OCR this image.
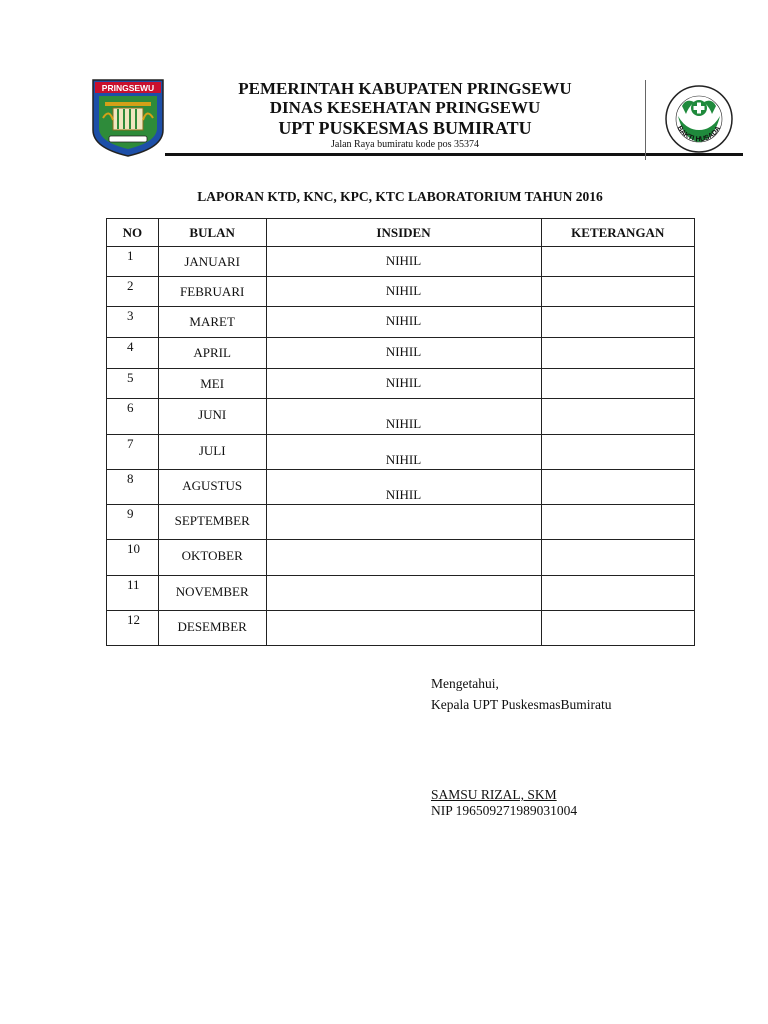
PRINGSEWU	PEMERINTAH KABUPATEN PRINGSEWU
DINAS KESEHATAN PRINGSEWU
UPT PUSKESMAS BUMIRATU
Jalan Raya bumiratu kode pos 35374
BAKTI HUSADA
LAPORAN KTD, KNC, KPC, KTC LABORATORIUM TAHUN 2016
NO	BULAN	INSIDEN	KETERANGAN

1	JANUARI	NIHIL	

2	FEBRUARI	NIHIL	

3	MARET	NIHIL	

4	APRIL	NIHIL	

5	MEI	NIHIL	

6	JUNI	NIHIL	

7	JULI	NIHIL	

8	AGUSTUS	NIHIL	

9	SEPTEMBER		

10	OKTOBER		

11	NOVEMBER		

12	DESEMBER		
Mengetahui,
Kepala UPT PuskesmasBumiratu
SAMSU RIZAL, SKM
NIP 196509271989031004
